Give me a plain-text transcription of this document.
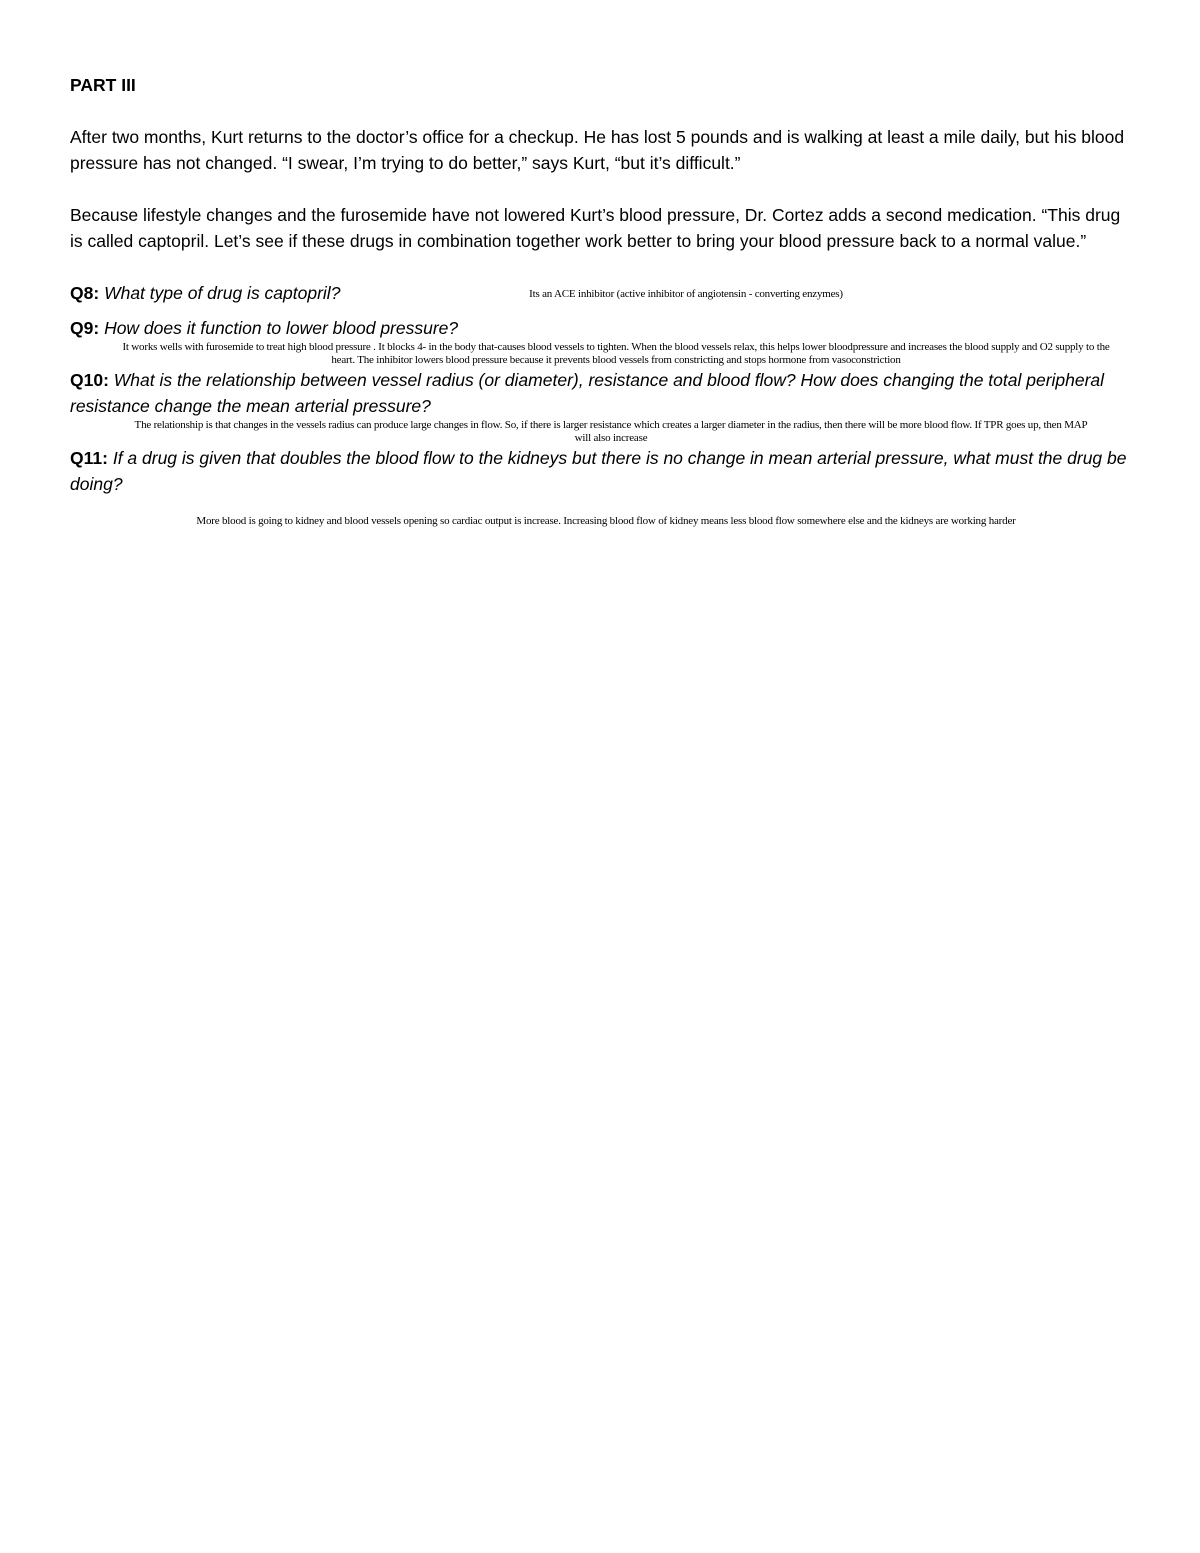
PART III

After two months, Kurt returns to the doctor’s office for a checkup. He has lost 5 pounds and is walking at least a mile daily, but his blood pressure has not changed. “I swear, I’m trying to do better,” says Kurt, “but it’s difficult.”

Because lifestyle changes and the furosemide have not lowered Kurt’s blood pressure, Dr. Cortez adds a second medication. “This drug is called captopril. Let’s see if these drugs in combination together work better to bring your blood pressure back to a normal value.”

Q8: What type of drug is captopril?	Its an ACE inhibitor (active inhibitor of angiotensin - converting enzymes)

Q9: How does it function to lower blood pressure?

It works wells with furosemide to treat high blood pressure . It blocks 4- in the body that-causes blood vessels to tighten. When the blood vessels relax, this helps lower bloodpressure and increases the blood supply and O2 supply to the heart. The inhibitor lowers blood pressure because it prevents blood vessels from constricting and stops hormone from vasoconstriction

Q10: What is the relationship between vessel radius (or diameter), resistance and blood flow? How does changing the total peripheral resistance change the mean arterial pressure?

The relationship is that changes in the vessels radius can produce large changes in flow. So, if there is larger resistance which creates a larger diameter in the radius, then there will be more blood flow. If TPR goes up, then MAP will also increase

Q11: If a drug is given that doubles the blood flow to the kidneys but there is no change in mean arterial pressure, what must the drug be doing?

More blood is going to kidney and blood vessels opening so cardiac output is increase. Increasing blood flow of kidney means less blood flow somewhere else and the kidneys are working harder
